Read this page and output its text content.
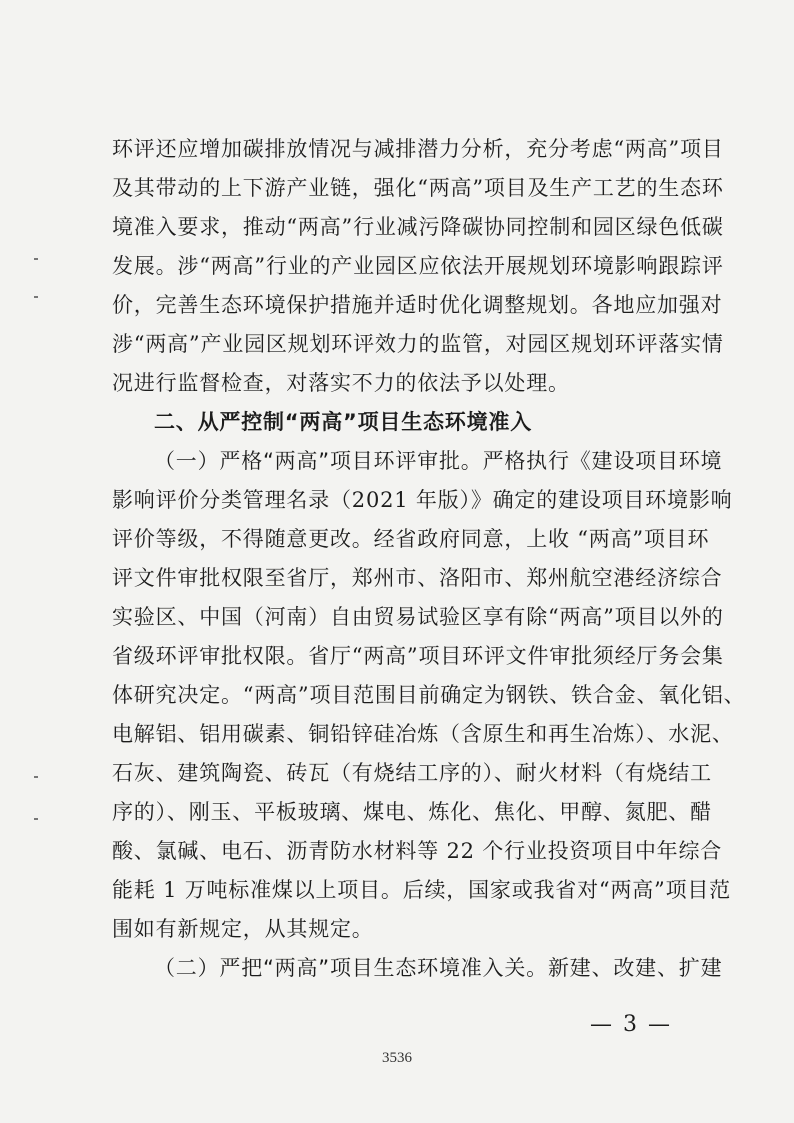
环评还应增加碳排放情况与减排潜力分析，充分考虑“两高”项目
及其带动的上下游产业链，强化“两高”项目及生产工艺的生态环
境准入要求，推动“两高”行业减污降碳协同控制和园区绿色低碳
发展。涉“两高”行业的产业园区应依法开展规划环境影响跟踪评
价，完善生态环境保护措施并适时优化调整规划。各地应加强对
涉“两高”产业园区规划环评效力的监管，对园区规划环评落实情
况进行监督检查，对落实不力的依法予以处理。
二、从严控制“两高”项目生态环境准入
（一）严格“两高”项目环评审批。严格执行《建设项目环境
影响评价分类管理名录（2021 年版）》确定的建设项目环境影响
评价等级，不得随意更改。经省政府同意，上收 “两高”项目环
评文件审批权限至省厅，郑州市、洛阳市、郑州航空港经济综合
实验区、中国（河南）自由贸易试验区享有除“两高”项目以外的
省级环评审批权限。省厅“两高”项目环评文件审批须经厅务会集
体研究决定。“两高”项目范围目前确定为钢铁、铁合金、氧化铝、
电解铝、铝用碳素、铜铅锌硅冶炼（含原生和再生冶炼）、水泥、
石灰、建筑陶瓷、砖瓦（有烧结工序的）、耐火材料（有烧结工
序的）、刚玉、平板玻璃、煤电、炼化、焦化、甲醇、氮肥、醋
酸、氯碱、电石、沥青防水材料等 22 个行业投资项目中年综合
能耗 1 万吨标准煤以上项目。后续，国家或我省对“两高”项目范
围如有新规定，从其规定。
（二）严把“两高”项目生态环境准入关。新建、改建、扩建
— 3 —
3536
